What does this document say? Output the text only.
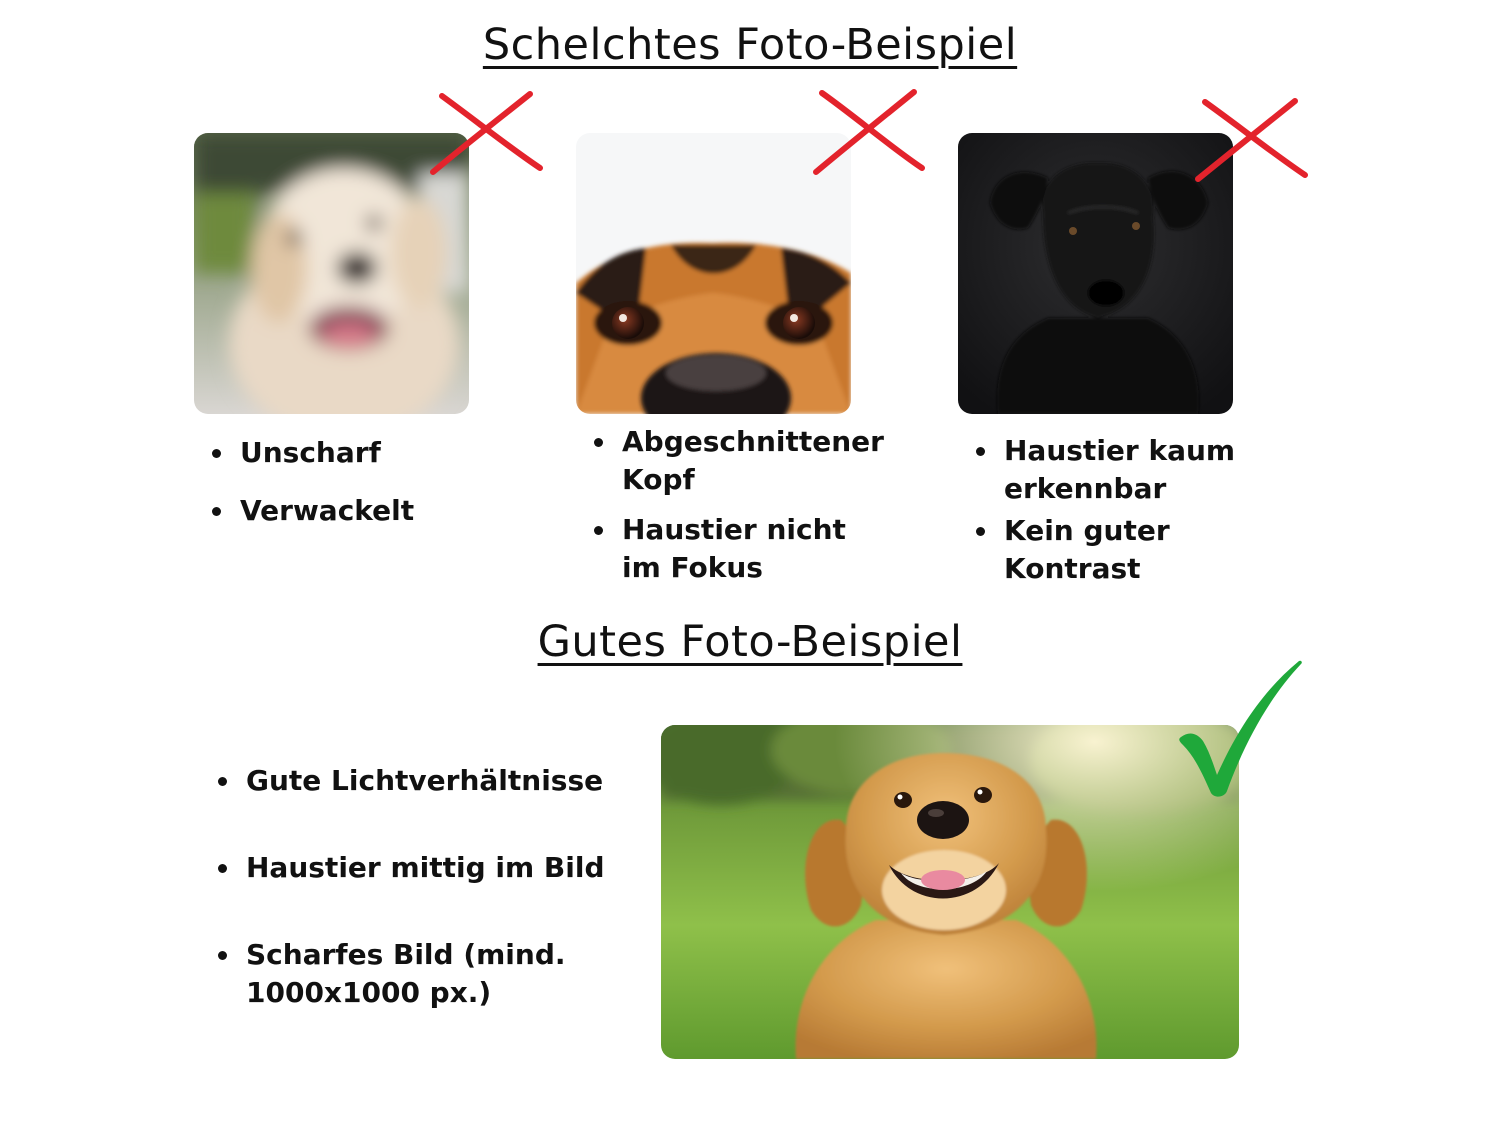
Schelchtes Foto-Beispiel
Unscharf
Verwackelt
Abgeschnittener Kopf
Haustier nicht im Fokus
Haustier kaum erkennbar
Kein guter Kontrast
Gutes Foto-Beispiel
Gute Lichtverhältnisse
Haustier mittig im Bild
Scharfes Bild (mind. 1000x1000 px.)
